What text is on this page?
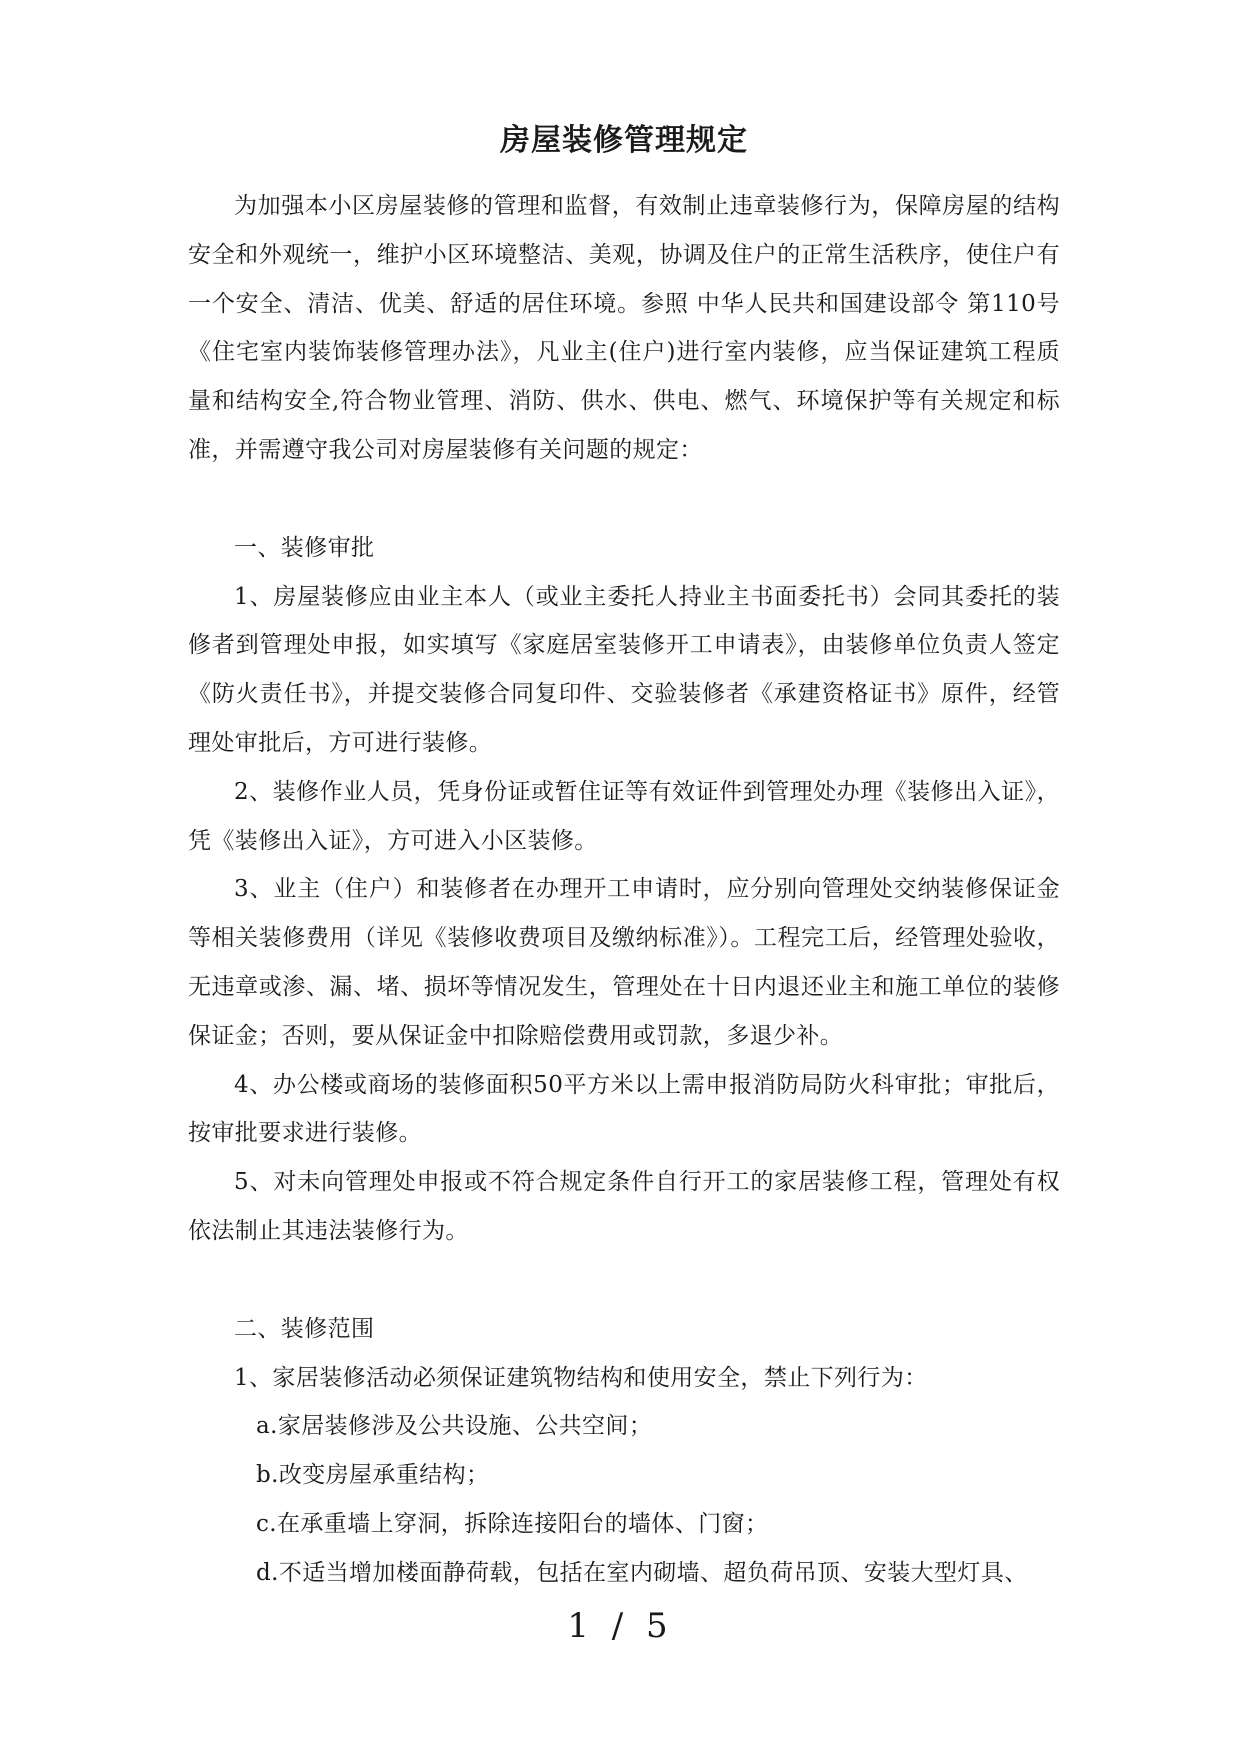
房屋装修管理规定

为加强本小区房屋装修的管理和监督，有效制止违章装修行为，保障房屋的结构安全和外观统一，维护小区环境整洁、美观，协调及住户的正常生活秩序，使住户有一个安全、清洁、优美、舒适的居住环境。参照 中华人民共和国建设部令 第110号《住宅室内装饰装修管理办法》，凡业主(住户)进行室内装修，应当保证建筑工程质量和结构安全,符合物业管理、消防、供水、供电、燃气、环境保护等有关规定和标准，并需遵守我公司对房屋装修有关问题的规定：

一、装修审批

1、房屋装修应由业主本人（或业主委托人持业主书面委托书）会同其委托的装修者到管理处申报，如实填写《家庭居室装修开工申请表》，由装修单位负责人签定《防火责任书》，并提交装修合同复印件、交验装修者《承建资格证书》原件，经管理处审批后，方可进行装修。

2、装修作业人员，凭身份证或暂住证等有效证件到管理处办理《装修出入证》，凭《装修出入证》，方可进入小区装修。

3、业主（住户）和装修者在办理开工申请时，应分别向管理处交纳装修保证金等相关装修费用（详见《装修收费项目及缴纳标准》）。工程完工后，经管理处验收，无违章或渗、漏、堵、损坏等情况发生，管理处在十日内退还业主和施工单位的装修保证金；否则，要从保证金中扣除赔偿费用或罚款，多退少补。

4、办公楼或商场的装修面积50平方米以上需申报消防局防火科审批；审批后，按审批要求进行装修。

5、对未向管理处申报或不符合规定条件自行开工的家居装修工程，管理处有权依法制止其违法装修行为。

二、装修范围

1、家居装修活动必须保证建筑物结构和使用安全，禁止下列行为：

a.家居装修涉及公共设施、公共空间；

b.改变房屋承重结构；

c.在承重墙上穿洞，拆除连接阳台的墙体、门窗；

d.不适当增加楼面静荷载，包括在室内砌墙、超负荷吊顶、安装大型灯具、

1 / 5
